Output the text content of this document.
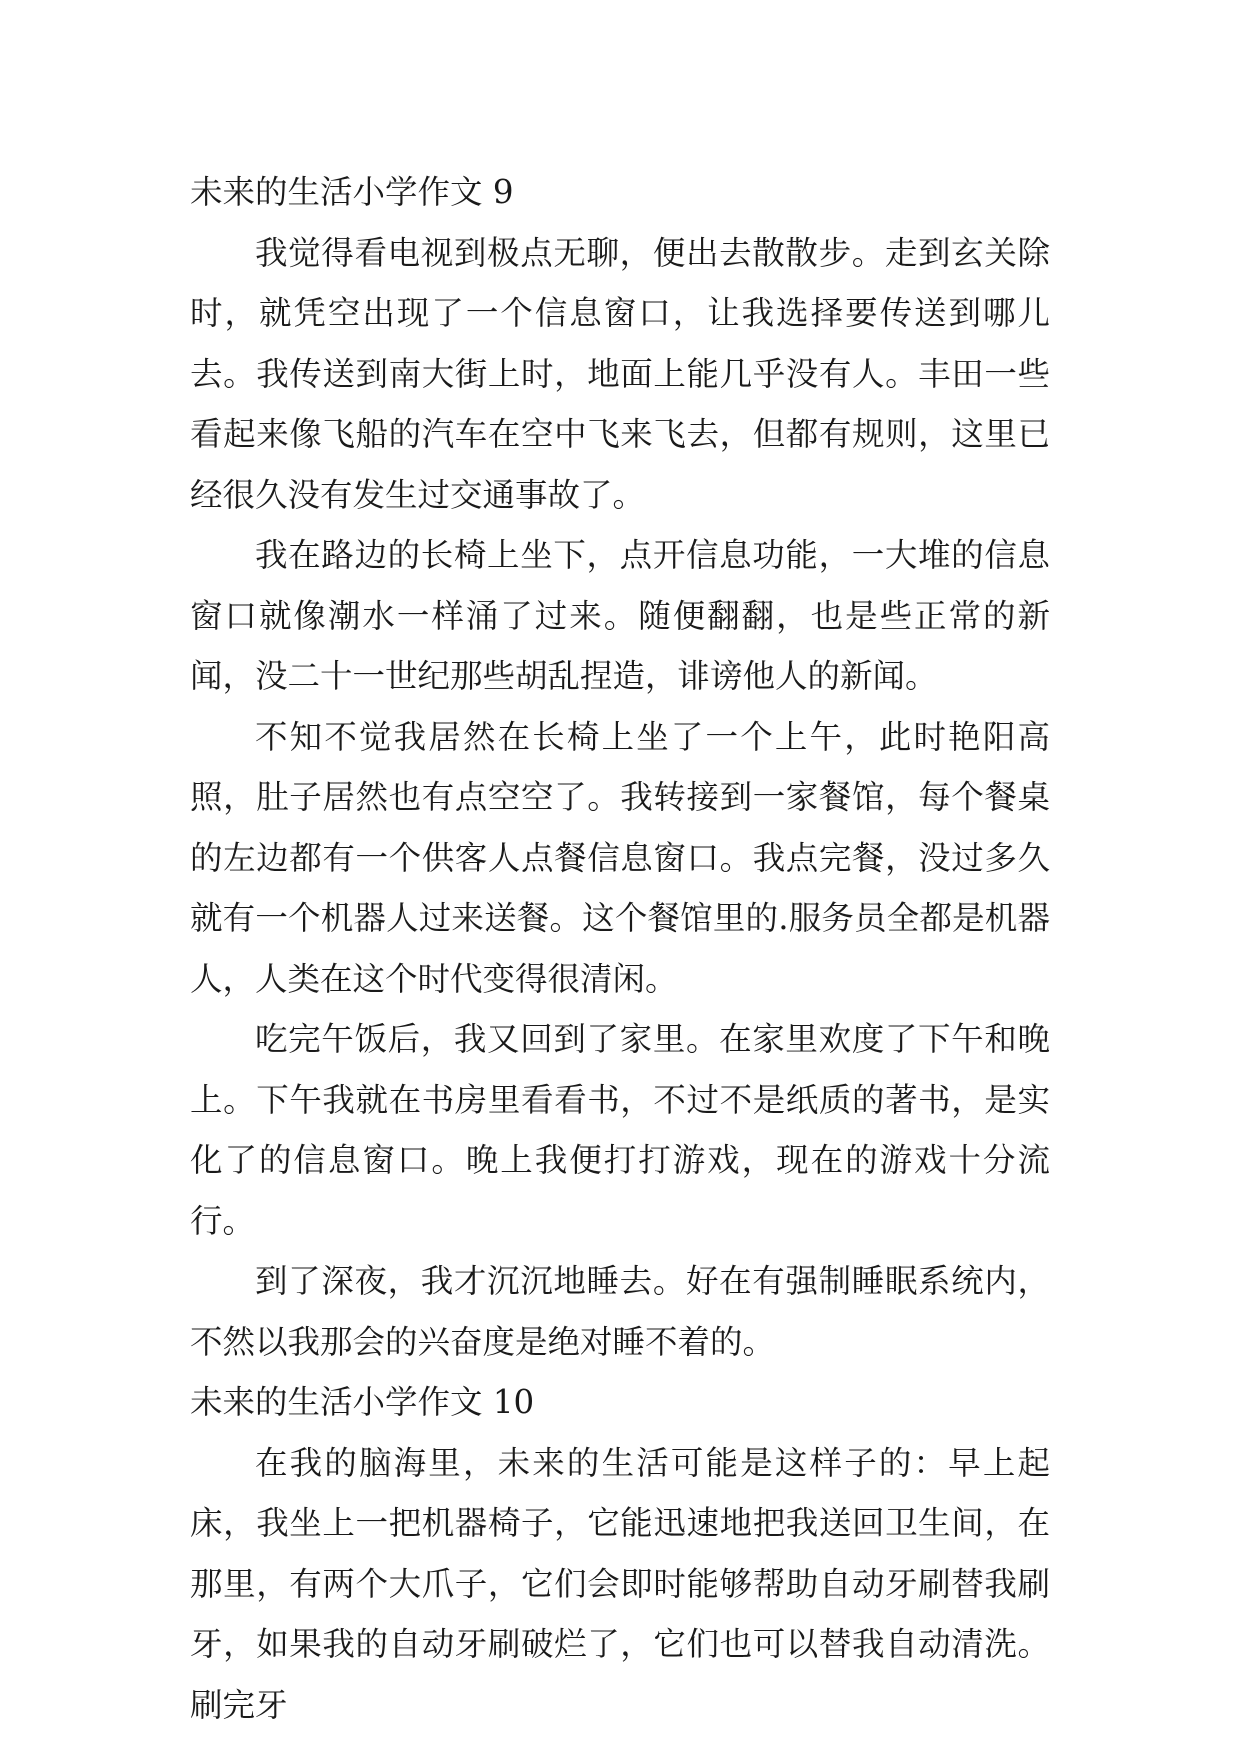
未来的生活小学作文 9

我觉得看电视到极点无聊，便出去散散步。走到玄关除时，就凭空出现了一个信息窗口，让我选择要传送到哪儿去。我传送到南大街上时，地面上能几乎没有人。丰田一些看起来像飞船的汽车在空中飞来飞去，但都有规则，这里已经很久没有发生过交通事故了。

我在路边的长椅上坐下，点开信息功能，一大堆的信息窗口就像潮水一样涌了过来。随便翻翻，也是些正常的新闻，没二十一世纪那些胡乱捏造，诽谤他人的新闻。

不知不觉我居然在长椅上坐了一个上午，此时艳阳高照，肚子居然也有点空空了。我转接到一家餐馆，每个餐桌的左边都有一个供客人点餐信息窗口。我点完餐，没过多久就有一个机器人过来送餐。这个餐馆里的.服务员全都是机器人，人类在这个时代变得很清闲。

吃完午饭后，我又回到了家里。在家里欢度了下午和晚上。下午我就在书房里看看书，不过不是纸质的著书，是实化了的信息窗口。晚上我便打打游戏，现在的游戏十分流行。

到了深夜，我才沉沉地睡去。好在有强制睡眠系统内，不然以我那会的兴奋度是绝对睡不着的。

未来的生活小学作文 10

在我的脑海里，未来的生活可能是这样子的：早上起床，我坐上一把机器椅子，它能迅速地把我送回卫生间，在那里，有两个大爪子，它们会即时能够帮助自动牙刷替我刷牙，如果我的自动牙刷破烂了，它们也可以替我自动清洗。刷完牙
